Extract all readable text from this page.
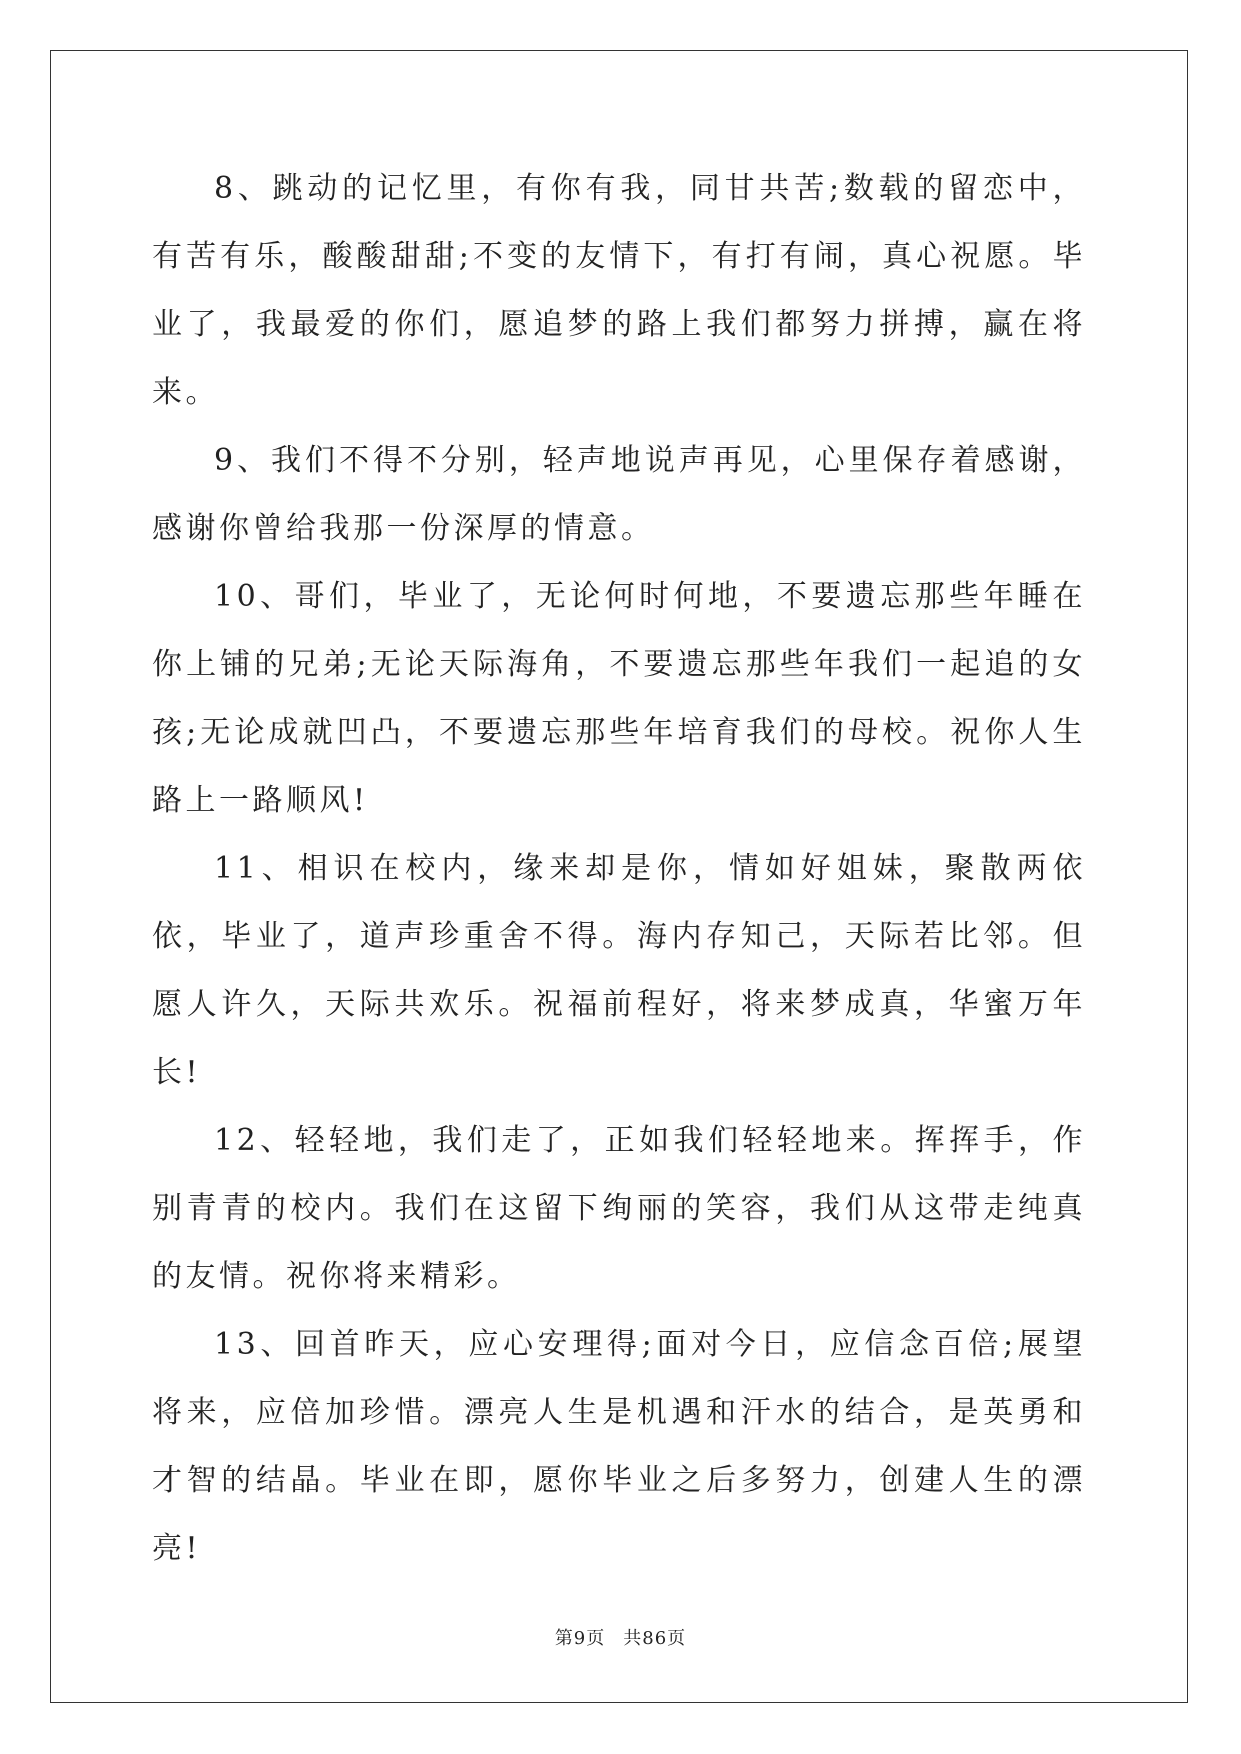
8、跳动的记忆里，有你有我，同甘共苦;数载的留恋中，有苦有乐，酸酸甜甜;不变的友情下，有打有闹，真心祝愿。毕业了，我最爱的你们，愿追梦的路上我们都努力拼搏，赢在将来。

9、我们不得不分别，轻声地说声再见，心里保存着感谢，感谢你曾给我那一份深厚的情意。

10、哥们，毕业了，无论何时何地，不要遗忘那些年睡在你上铺的兄弟;无论天际海角，不要遗忘那些年我们一起追的女孩;无论成就凹凸，不要遗忘那些年培育我们的母校。祝你人生路上一路顺风!

11、相识在校内，缘来却是你，情如好姐妹，聚散两依依，毕业了，道声珍重舍不得。海内存知己，天际若比邻。但愿人许久，天际共欢乐。祝福前程好，将来梦成真，华蜜万年长!

12、轻轻地，我们走了，正如我们轻轻地来。挥挥手，作别青青的校内。我们在这留下绚丽的笑容，我们从这带走纯真的友情。祝你将来精彩。

13、回首昨天，应心安理得;面对今日，应信念百倍;展望将来，应倍加珍惜。漂亮人生是机遇和汗水的结合，是英勇和才智的结晶。毕业在即，愿你毕业之后多努力，创建人生的漂亮!

第9页 共86页
